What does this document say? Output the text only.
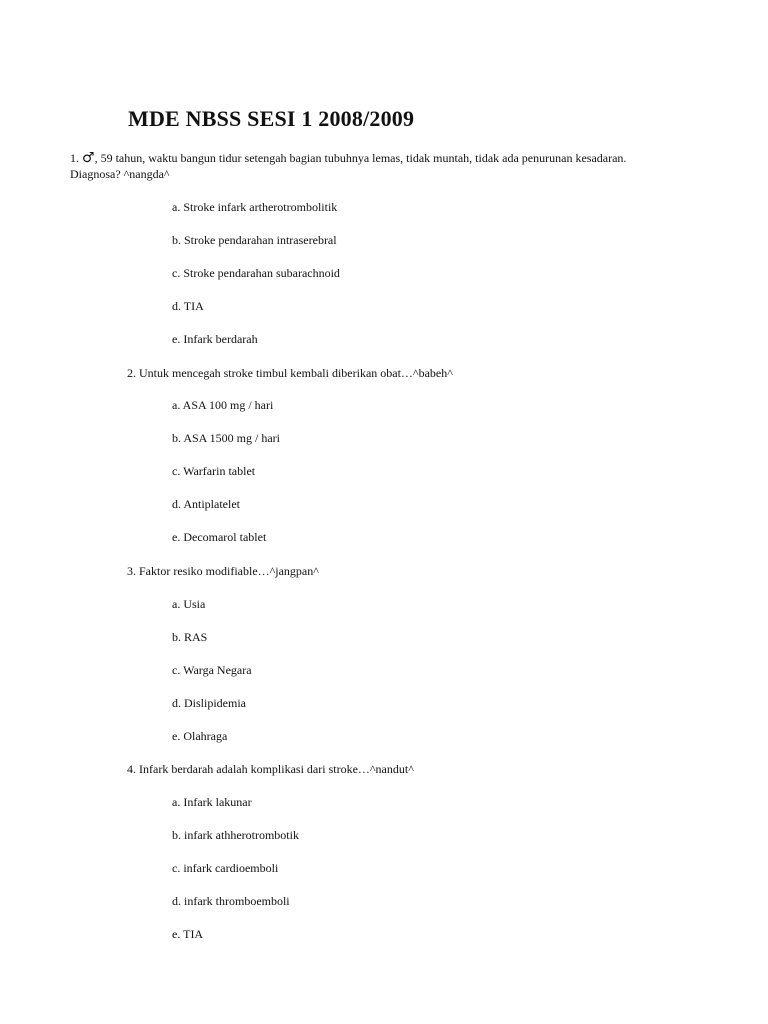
MDE NBSS SESI 1 2008/2009
1. ♂, 59 tahun, waktu bangun tidur setengah bagian tubuhnya lemas, tidak muntah, tidak ada penurunan kesadaran.
Diagnosa? ^nangda^
a. Stroke infark artherotrombolitik
b. Stroke pendarahan intraserebral
c. Stroke pendarahan subarachnoid
d. TIA
e. Infark berdarah
2. Untuk mencegah stroke timbul kembali diberikan obat…^babeh^
a. ASA 100 mg / hari
b. ASA 1500 mg / hari
c. Warfarin tablet
d. Antiplatelet
e. Decomarol tablet
3. Faktor resiko modifiable…^jangpan^
a. Usia
b. RAS
c. Warga Negara
d. Dislipidemia
e. Olahraga
4. Infark berdarah adalah komplikasi dari stroke…^nandut^
a. Infark lakunar
b. infark athherotrombotik
c. infark cardioemboli
d. infark thromboemboli
e. TIA
